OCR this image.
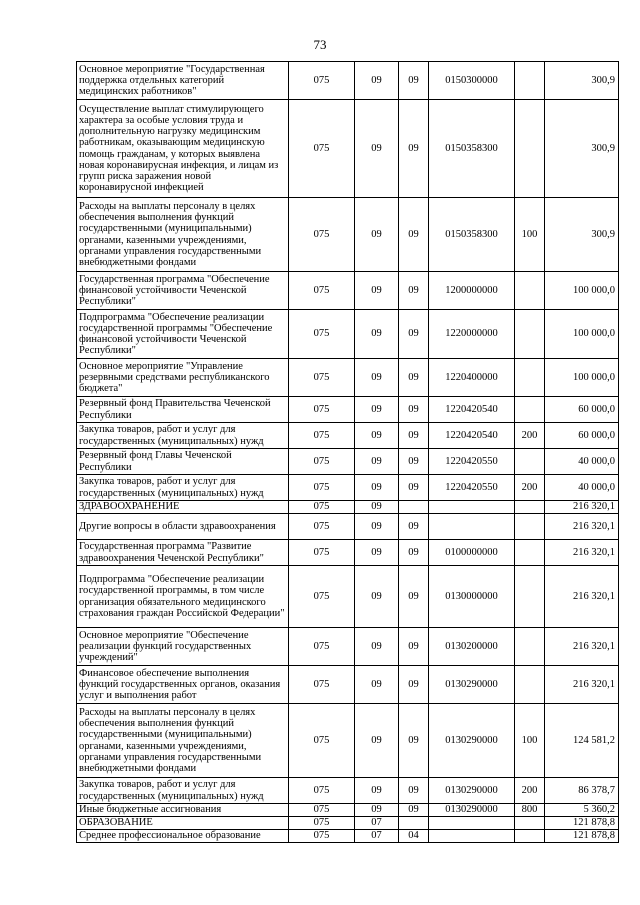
73
Основное мероприятие "Государственная поддержка отдельных категорий медицинских работников"	075	09	09	0150300000		300,9
Осуществление выплат стимулирующего характера за особые условия труда и дополнительную нагрузку медицинским работникам, оказывающим медицинскую помощь гражданам, у которых выявлена новая коронавирусная инфекция, и лицам из групп риска заражения новой коронавирусной инфекцией	075	09	09	0150358300		300,9
Расходы на выплаты персоналу в целях обеспечения выполнения функций государственными (муниципальными) органами, казенными учреждениями, органами управления государственными внебюджетными фондами	075	09	09	0150358300	100	300,9
Государственная программа "Обеспечение финансовой устойчивости Чеченской Республики"	075	09	09	1200000000		100 000,0
Подпрограмма "Обеспечение реализации государственной программы "Обеспечение финансовой устойчивости Чеченской Республики"	075	09	09	1220000000		100 000,0
Основное мероприятие "Управление резервными средствами республиканского бюджета"	075	09	09	1220400000		100 000,0
Резервный фонд Правительства Чеченской Республики	075	09	09	1220420540		60 000,0
Закупка товаров, работ и услуг для государственных (муниципальных) нужд	075	09	09	1220420540	200	60 000,0
Резервный фонд Главы Чеченской Республики	075	09	09	1220420550		40 000,0
Закупка товаров, работ и услуг для государственных (муниципальных) нужд	075	09	09	1220420550	200	40 000,0
ЗДРАВООХРАНЕНИЕ	075	09				216 320,1
Другие вопросы в области здравоохранения	075	09	09			216 320,1
Государственная программа "Развитие здравоохранения Чеченской Республики"	075	09	09	0100000000		216 320,1
Подпрограмма "Обеспечение реализации государственной программы, в том числе организация обязательного медицинского страхования граждан Российской Федерации"	075	09	09	0130000000		216 320,1
Основное мероприятие "Обеспечение реализации функций государственных учреждений"	075	09	09	0130200000		216 320,1
Финансовое обеспечение выполнения функций государственных органов, оказания услуг и выполнения работ	075	09	09	0130290000		216 320,1
Расходы на выплаты персоналу в целях обеспечения выполнения функций государственными (муниципальными) органами, казенными учреждениями, органами управления государственными внебюджетными фондами	075	09	09	0130290000	100	124 581,2
Закупка товаров, работ и услуг для государственных (муниципальных) нужд	075	09	09	0130290000	200	86 378,7
Иные бюджетные ассигнования	075	09	09	0130290000	800	5 360,2
ОБРАЗОВАНИЕ	075	07				121 878,8
Среднее профессиональное образование	075	07	04			121 878,8
